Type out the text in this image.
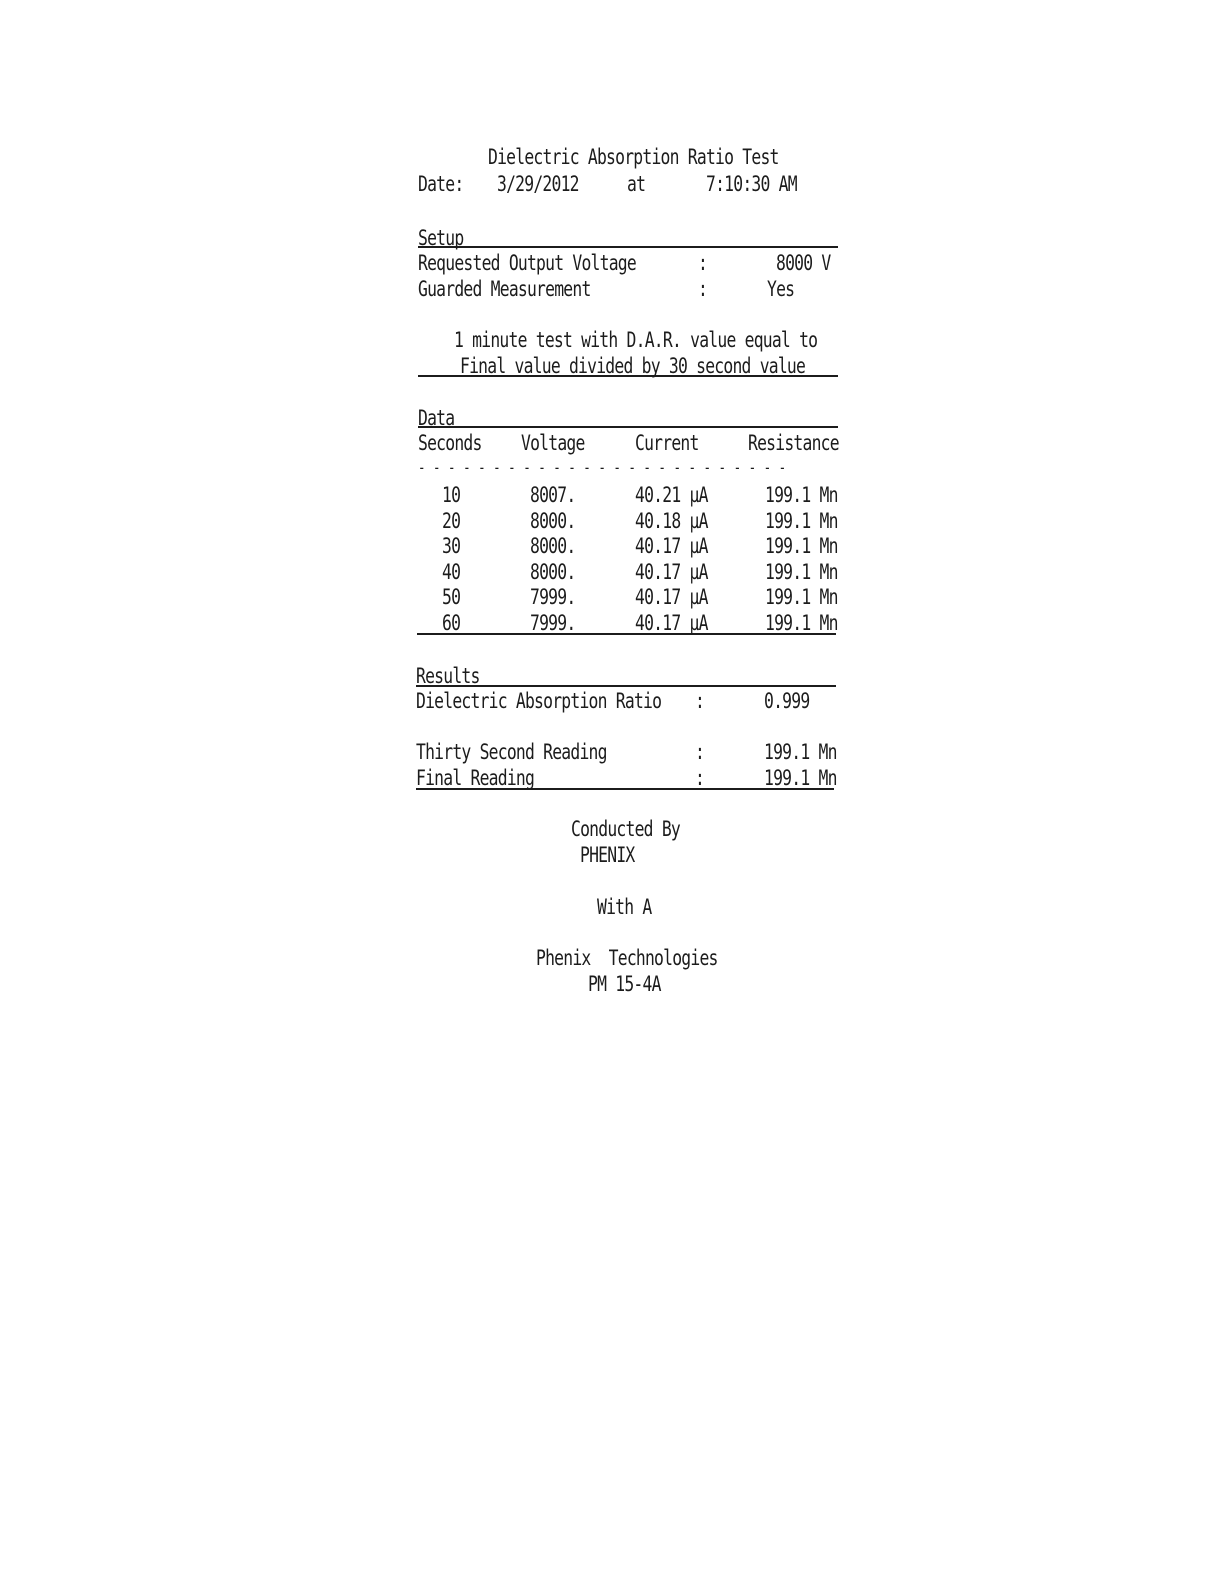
Dielectric Absorption Ratio Test
Date:	3/29/2012	at	7:10:30 AM
Setup
Requested Output Voltage	:	8000 V
Guarded Measurement	:	Yes
1 minute test with D.A.R. value equal to
Final value divided by 30 second value
Data
Seconds	Voltage	Current	Resistance
- - - - - - - - - - - - - - - - - - - - - - - - -
10	8007.	40.21 µA	199.1 Mn
20	8000.	40.18 µA	199.1 Mn
30	8000.	40.17 µA	199.1 Mn
40	8000.	40.17 µA	199.1 Mn
50	7999.	40.17 µA	199.1 Mn
60	7999.	40.17 µA	199.1 Mn
Results
Dielectric Absorption Ratio	:	0.999
Thirty Second Reading	:	199.1 Mn
Final Reading	:	199.1 Mn
Conducted By
PHENIX
With A
Phenix  Technologies
PM 15-4A
